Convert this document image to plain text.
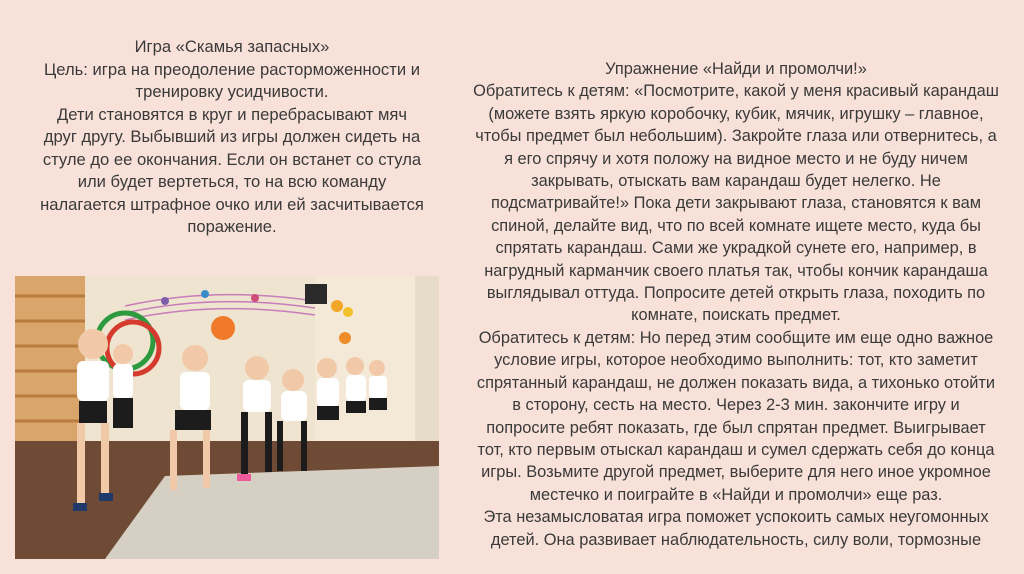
Игра «Скамья запасных»

Цель: игра на преодоление расторможенности и

тренировку усидчивости.

Дети становятся в круг и перебрасывают мяч

друг другу. Выбывший из игры должен сидеть на

стуле до ее окончания. Если он встанет со стула

или будет вертеться, то на всю команду

налагается штрафное очко или ей засчитывается

поражение.

Упражнение «Найди и промолчи!»

Обратитесь к детям: «Посмотрите, какой у меня красивый карандаш

(можете взять яркую коробочку, кубик, мячик, игрушку – главное,

чтобы предмет был небольшим). Закройте глаза или отвернитесь, а

я его спрячу и хотя положу на видное место и не буду ничем

закрывать, отыскать вам карандаш будет нелегко. Не

подсматривайте!» Пока дети закрывают глаза, становятся к вам

спиной, делайте вид, что по всей комнате ищете место, куда бы

спрятать карандаш. Сами же украдкой сунете его, например, в

нагрудный карманчик своего платья так, чтобы кончик карандаша

выглядывал оттуда. Попросите детей открыть глаза, походить по

комнате, поискать предмет.

Обратитесь к детям: Но перед этим сообщите им еще одно важное

условие игры, которое необходимо выполнить: тот, кто заметит

спрятанный карандаш, не должен показать вида, а тихонько отойти

в сторону, сесть на место. Через 2-3 мин. закончите игру и

попросите ребят показать, где был спрятан предмет. Выигрывает

тот, кто первым отыскал карандаш и сумел сдержать себя до конца

игры. Возьмите другой предмет, выберите для него иное укромное

местечко и поиграйте в «Найди и промолчи» еще раз.

Эта незамысловатая игра поможет успокоить самых неугомонных

детей. Она развивает наблюдательность, силу воли, тормозные
